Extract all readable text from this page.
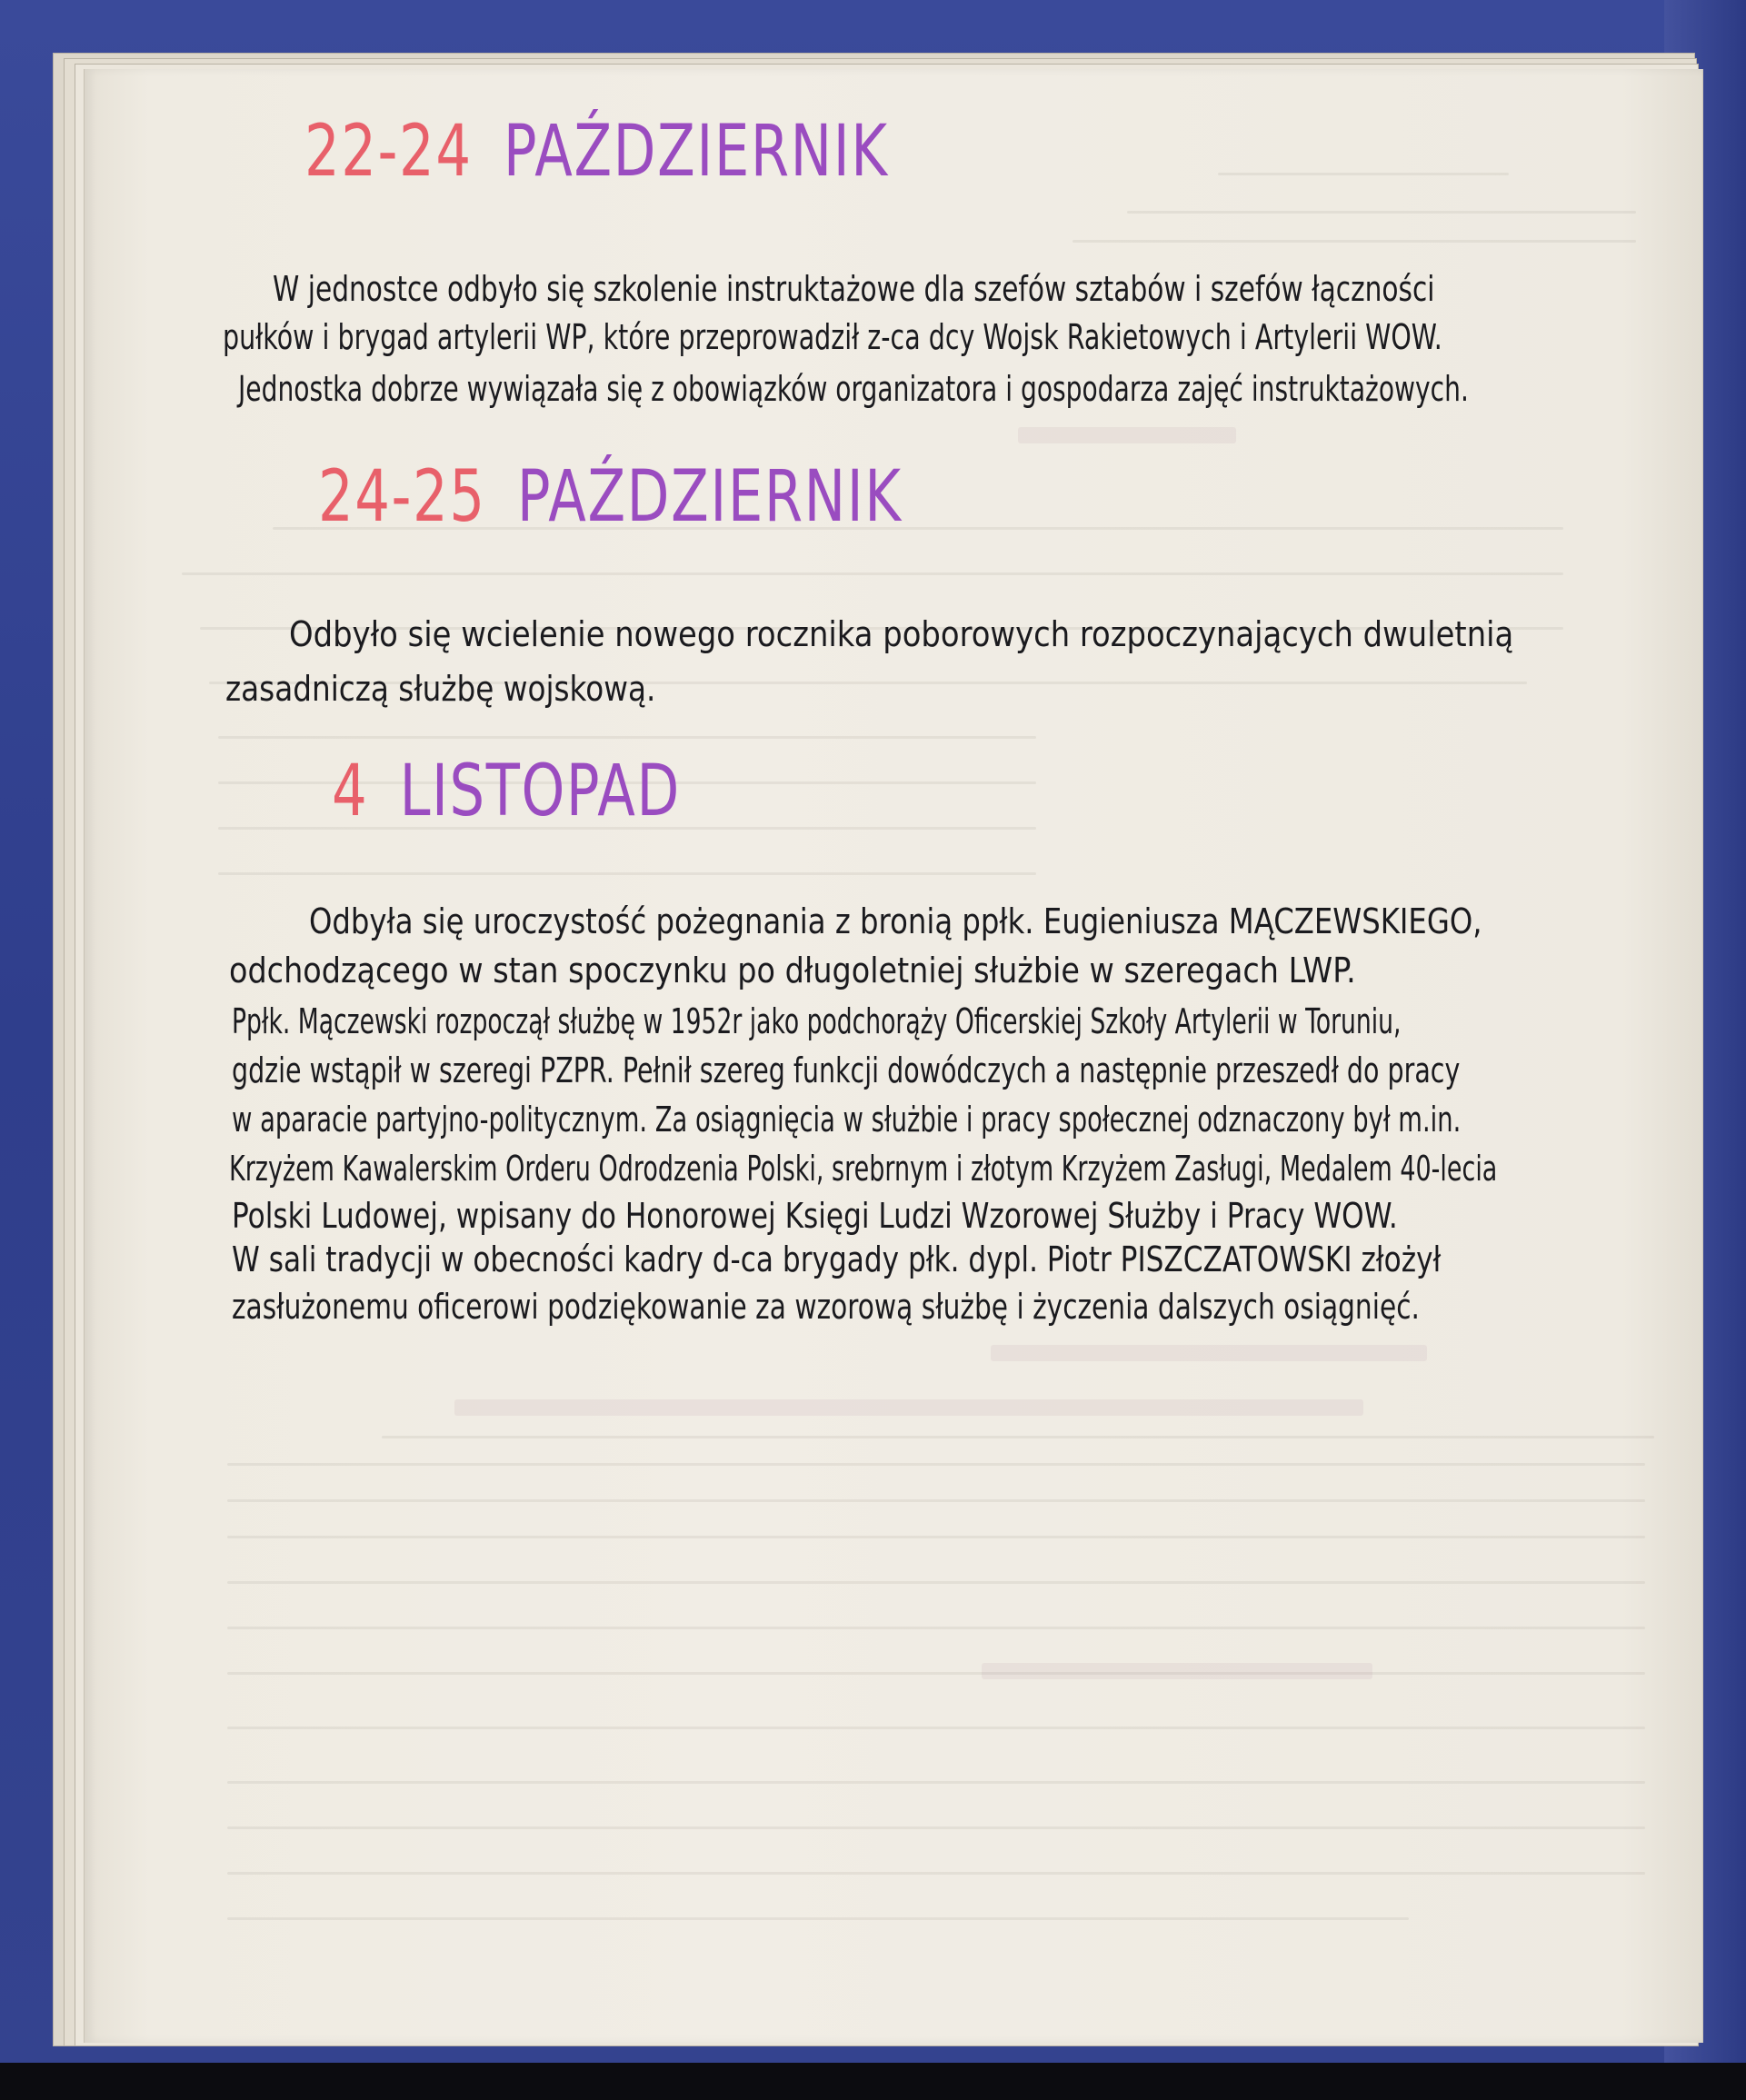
22-24 PAŹDZIERNIK
W jednostce odbyło się szkolenie instruktażowe dla szefów sztabów i szefów łączności
pułków i brygad artylerii WP, które przeprowadził z-ca dcy Wojsk Rakietowych i Artylerii WOW.
Jednostka dobrze wywiązała się z obowiązków organizatora i gospodarza zajęć instruktażowych.
24-25 PAŹDZIERNIK
Odbyło się wcielenie nowego rocznika poborowych rozpoczynających dwuletnią
zasadniczą służbę wojskową.
4 LISTOPAD
Odbyła się uroczystość pożegnania z bronią ppłk. Eugieniusza MĄCZEWSKIEGO,
odchodzącego w stan spoczynku po długoletniej służbie w szeregach LWP.
Ppłk. Mączewski rozpoczął służbę w 1952r jako podchorąży Oficerskiej Szkoły Artylerii w Toruniu,
gdzie wstąpił w szeregi PZPR. Pełnił szereg funkcji dowódczych a następnie przeszedł do pracy
w aparacie partyjno-politycznym. Za osiągnięcia w służbie i pracy społecznej odznaczony był m.in.
Krzyżem Kawalerskim Orderu Odrodzenia Polski, srebrnym i złotym Krzyżem Zasługi, Medalem 40-lecia
Polski Ludowej, wpisany do Honorowej Księgi Ludzi Wzorowej Służby i Pracy WOW.
W sali tradycji w obecności kadry d-ca brygady płk. dypl. Piotr PISZCZATOWSKI złożył
zasłużonemu oficerowi podziękowanie za wzorową służbę i życzenia dalszych osiągnięć.
